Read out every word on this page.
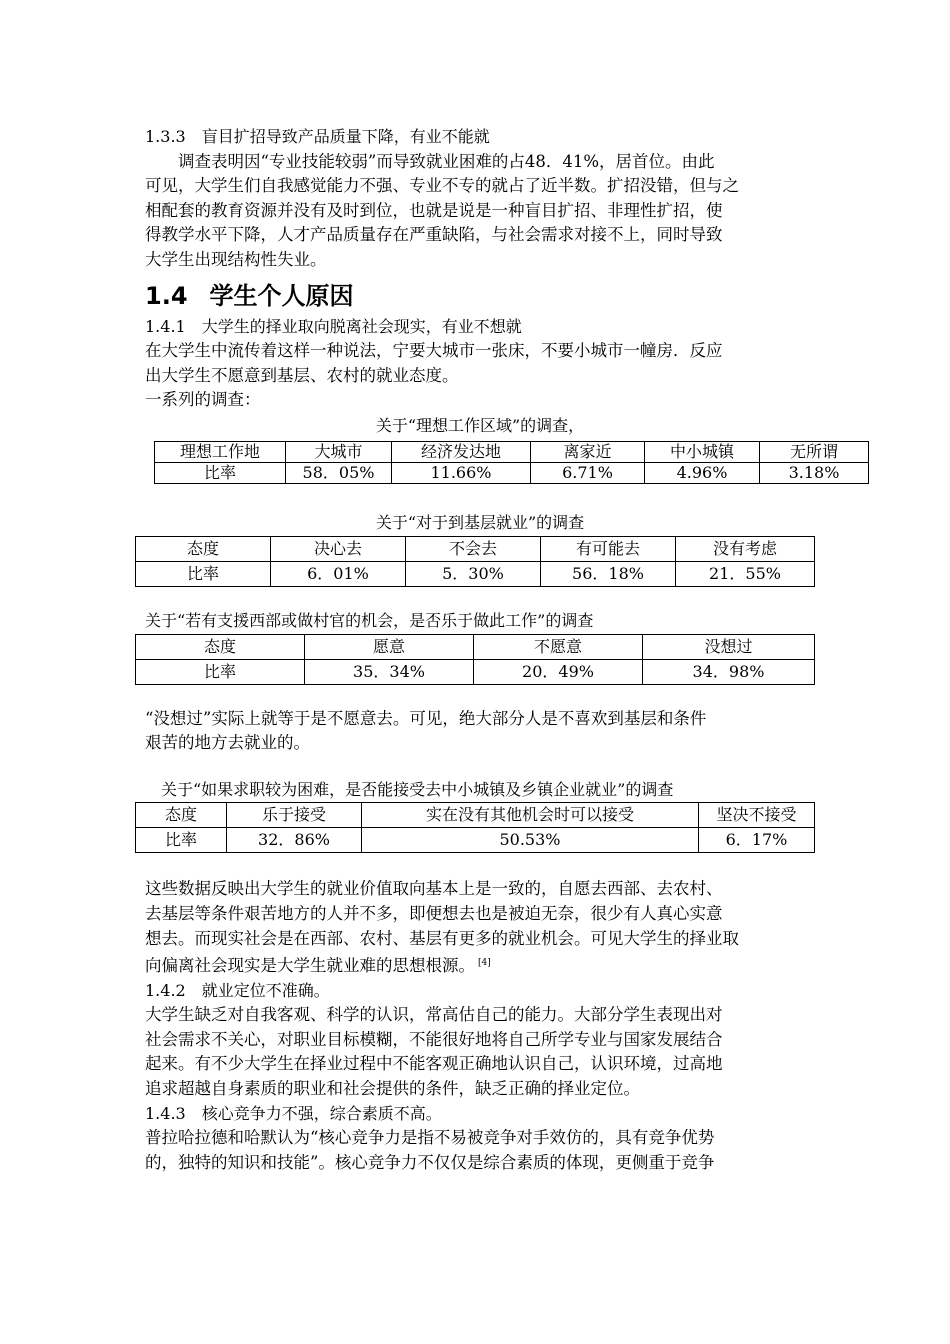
1.3.3　盲目扩招导致产品质量下降，有业不能就
调查表明因“专业技能较弱”而导致就业困难的占48．41%，居首位。由此
可见，大学生们自我感觉能力不强、专业不专的就占了近半数。扩招没错，但与之
相配套的教育资源并没有及时到位，也就是说是一种盲目扩招、非理性扩招，使
得教学水平下降，人才产品质量存在严重缺陷，与社会需求对接不上，同时导致
大学生出现结构性失业。
1.4 学生个人原因
1.4.1　大学生的择业取向脱离社会现实，有业不想就
在大学生中流传着这样一种说法，宁要大城市一张床，不要小城市一幢房．反应
出大学生不愿意到基层、农村的就业态度。
一系列的调查：
关于“理想工作区域”的调查，
理想工作地	大城市	经济发达地	离家近	中小城镇	无所谓
比率	58．05%	11.66%	6.71%	4.96%	3.18%
关于“对于到基层就业”的调查
态度	决心去	不会去	有可能去	没有考虑
比率	6．01%	5．30%	56．18%	21．55%
关于“若有支援西部或做村官的机会，是否乐于做此工作”的调查
态度	愿意	不愿意	没想过
比率	35．34%	20．49%	34．98%
“没想过”实际上就等于是不愿意去。可见，绝大部分人是不喜欢到基层和条件
艰苦的地方去就业的。
关于“如果求职较为困难，是否能接受去中小城镇及乡镇企业就业”的调查
态度	乐于接受	实在没有其他机会时可以接受	坚决不接受
比率	32．86%	50.53%	6．17%
这些数据反映出大学生的就业价值取向基本上是一致的，自愿去西部、去农村、
去基层等条件艰苦地方的人并不多，即便想去也是被迫无奈，很少有人真心实意
想去。而现实社会是在西部、农村、基层有更多的就业机会。可见大学生的择业取
向偏离社会现实是大学生就业难的思想根源。 [4]
1.4.2　就业定位不准确。
大学生缺乏对自我客观、科学的认识，常高估自己的能力。大部分学生表现出对
社会需求不关心，对职业目标模糊，不能很好地将自己所学专业与国家发展结合
起来。有不少大学生在择业过程中不能客观正确地认识自己，认识环境，过高地
追求超越自身素质的职业和社会提供的条件，缺乏正确的择业定位。
1.4.3　核心竞争力不强，综合素质不高。
普拉哈拉德和哈默认为“核心竞争力是指不易被竞争对手效仿的，具有竞争优势
的，独特的知识和技能”。核心竞争力不仅仅是综合素质的体现，更侧重于竞争
